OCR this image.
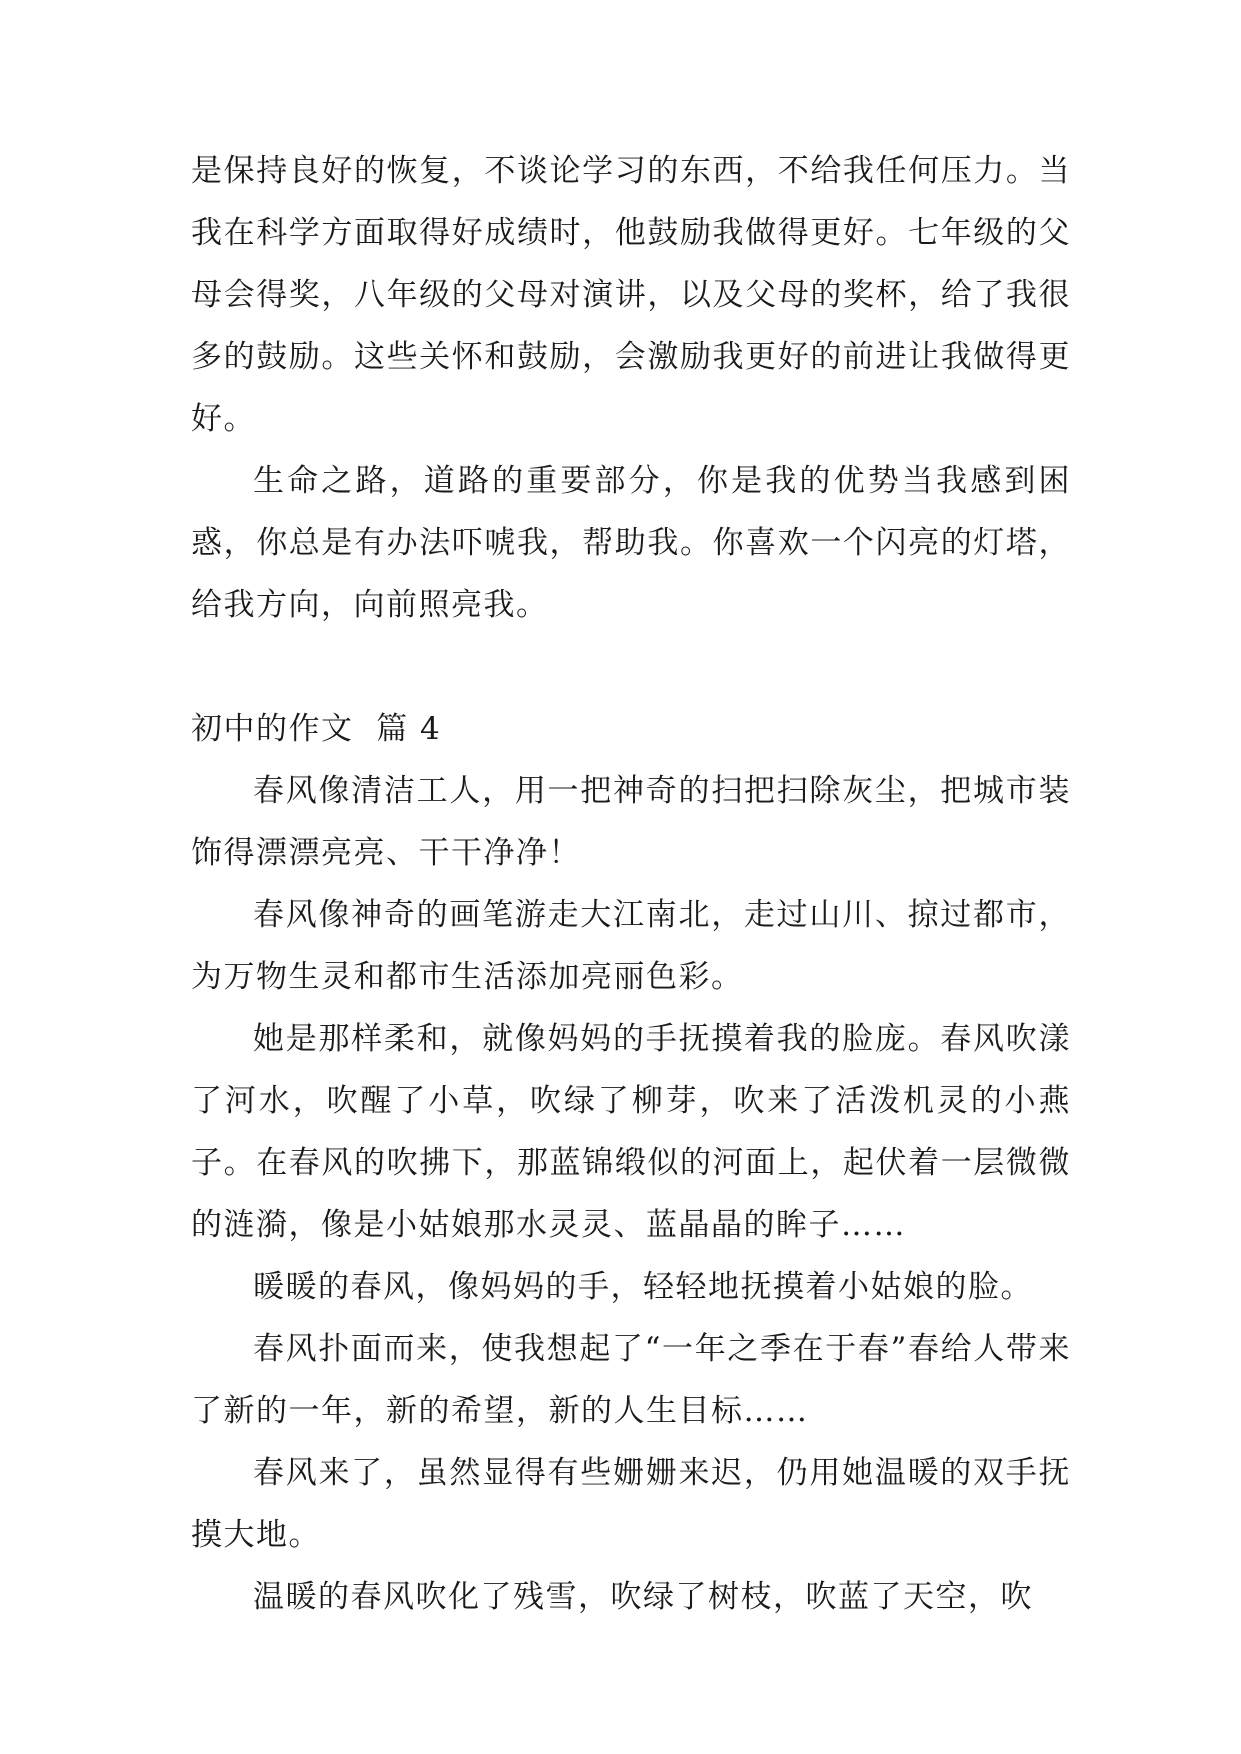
是保持良好的恢复，不谈论学习的东西，不给我任何压力。当我在科学方面取得好成绩时，他鼓励我做得更好。七年级的父母会得奖，八年级的父母对演讲，以及父母的奖杯，给了我很多的鼓励。这些关怀和鼓励，会激励我更好的前进让我做得更好。

生命之路，道路的重要部分，你是我的优势当我感到困惑，你总是有办法吓唬我，帮助我。你喜欢一个闪亮的灯塔，给我方向，向前照亮我。

初中的作文  篇 4

春风像清洁工人，用一把神奇的扫把扫除灰尘，把城市装饰得漂漂亮亮、干干净净！

春风像神奇的画笔游走大江南北，走过山川、掠过都市，为万物生灵和都市生活添加亮丽色彩。

她是那样柔和，就像妈妈的手抚摸着我的脸庞。春风吹漾了河水，吹醒了小草，吹绿了柳芽，吹来了活泼机灵的小燕子。在春风的吹拂下，那蓝锦缎似的河面上，起伏着一层微微的涟漪，像是小姑娘那水灵灵、蓝晶晶的眸子……

暖暖的春风，像妈妈的手，轻轻地抚摸着小姑娘的脸。

春风扑面而来，使我想起了“一年之季在于春”春给人带来了新的一年，新的希望，新的人生目标……

春风来了，虽然显得有些姗姗来迟，仍用她温暖的双手抚摸大地。

温暖的春风吹化了残雪，吹绿了树枝，吹蓝了天空，吹
